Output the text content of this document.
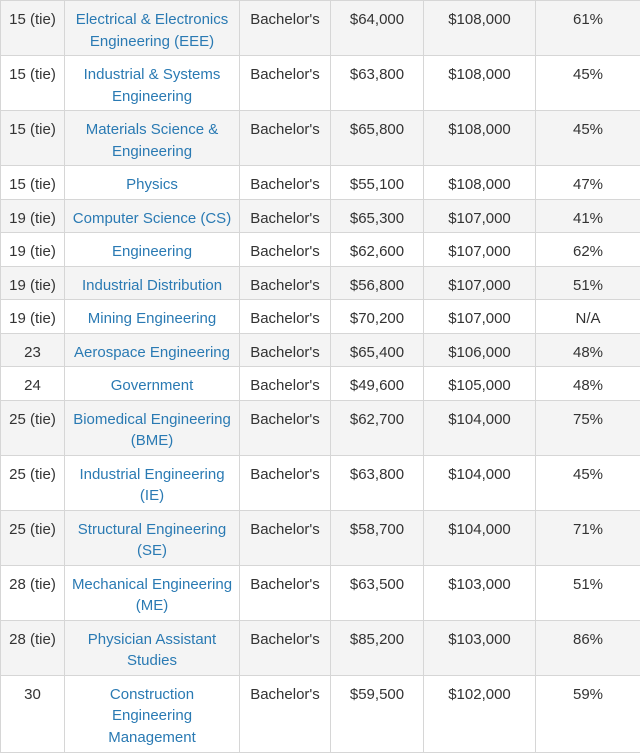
15 (tie)	Electrical & Electronics Engineering (EEE)	Bachelor's	$64,000	$108,000	61%
15 (tie)	Industrial & Systems Engineering	Bachelor's	$63,800	$108,000	45%
15 (tie)	Materials Science & Engineering	Bachelor's	$65,800	$108,000	45%
15 (tie)	Physics	Bachelor's	$55,100	$108,000	47%
19 (tie)	Computer Science (CS)	Bachelor's	$65,300	$107,000	41%
19 (tie)	Engineering	Bachelor's	$62,600	$107,000	62%
19 (tie)	Industrial Distribution	Bachelor's	$56,800	$107,000	51%
19 (tie)	Mining Engineering	Bachelor's	$70,200	$107,000	N/A
23	Aerospace Engineering	Bachelor's	$65,400	$106,000	48%
24	Government	Bachelor's	$49,600	$105,000	48%
25 (tie)	Biomedical Engineering (BME)	Bachelor's	$62,700	$104,000	75%
25 (tie)	Industrial Engineering (IE)	Bachelor's	$63,800	$104,000	45%
25 (tie)	Structural Engineering (SE)	Bachelor's	$58,700	$104,000	71%
28 (tie)	Mechanical Engineering (ME)	Bachelor's	$63,500	$103,000	51%
28 (tie)	Physician Assistant Studies	Bachelor's	$85,200	$103,000	86%
30	Construction Engineering Management	Bachelor's	$59,500	$102,000	59%
